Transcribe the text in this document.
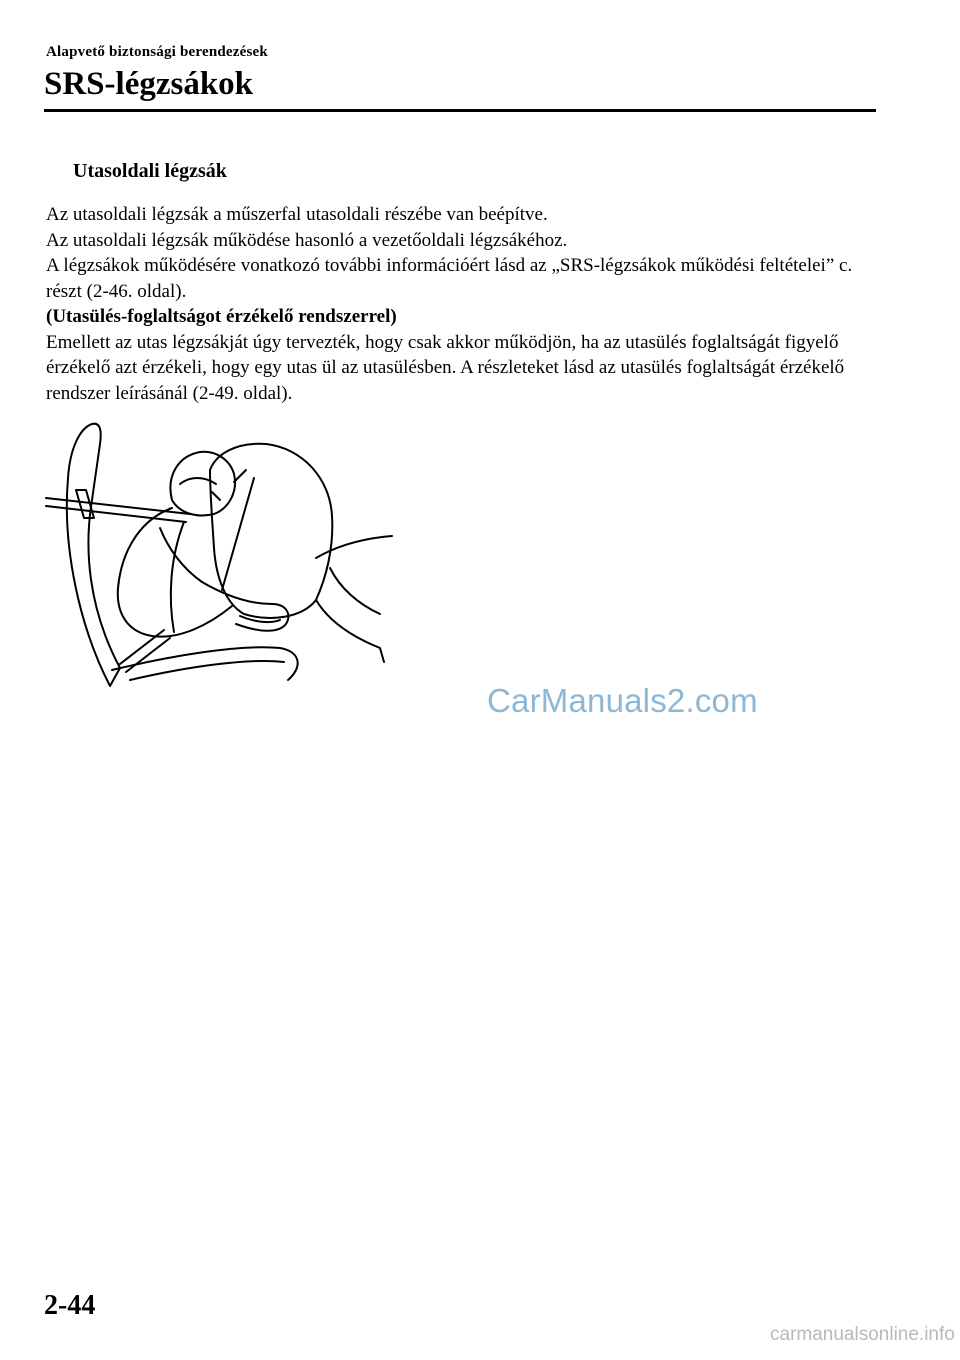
Alapvető biztonsági berendezések
SRS-légzsákok
Utasoldali légzsák

Az utasoldali légzsák a műszerfal utasoldali részébe van beépítve.

Az utasoldali légzsák működése hasonló a vezetőoldali légzsákéhoz.

A légzsákok működésére vonatkozó további információért lásd az „SRS-légzsákok működési feltételei” c. részt (2-46. oldal).

(Utasülés-foglaltságot érzékelő rendszerrel)

Emellett az utas légzsákját úgy tervezték, hogy csak akkor működjön, ha az utasülés foglaltságát figyelő érzékelő azt érzékeli, hogy egy utas ül az utasülésben. A részleteket lásd az utasülés foglaltságát érzékelő rendszer leírásánál (2-49. oldal).

CarManuals2.com
2-44
carmanualsonline.info
